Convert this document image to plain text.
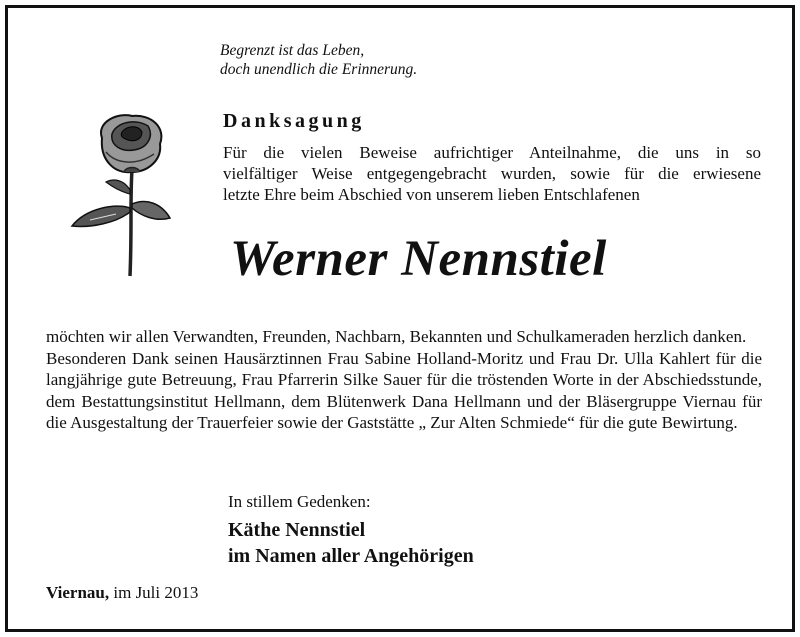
Begrenzt ist das Leben,
doch unendlich die Erinnerung.
Danksagung
Für die vielen Beweise aufrichtiger Anteilnahme, die uns in so
vielfältiger Weise entgegengebracht wurden, sowie für die erwiesene
letzte Ehre beim Abschied von unserem lieben Entschlafenen
Werner Nennstiel

möchten wir allen Verwandten, Freunden, Nachbarn, Bekannten und Schulkameraden herzlich danken.

Besonderen Dank seinen Hausärztinnen Frau Sabine Holland-Moritz und Frau Dr. Ulla Kahlert für die langjährige gute Betreuung, Frau Pfarrerin Silke Sauer für die tröstenden Worte in der Abschiedsstunde, dem Bestattungsinstitut Hellmann, dem Blütenwerk Dana Hellmann und der Bläsergruppe Viernau für die Ausgestaltung der Trauerfeier sowie der Gaststätte „ Zur Alten Schmiede“ für die gute Bewirtung.

In stillem Gedenken:
Käthe Nennstiel
im Namen aller Angehörigen
Viernau, im Juli 2013
